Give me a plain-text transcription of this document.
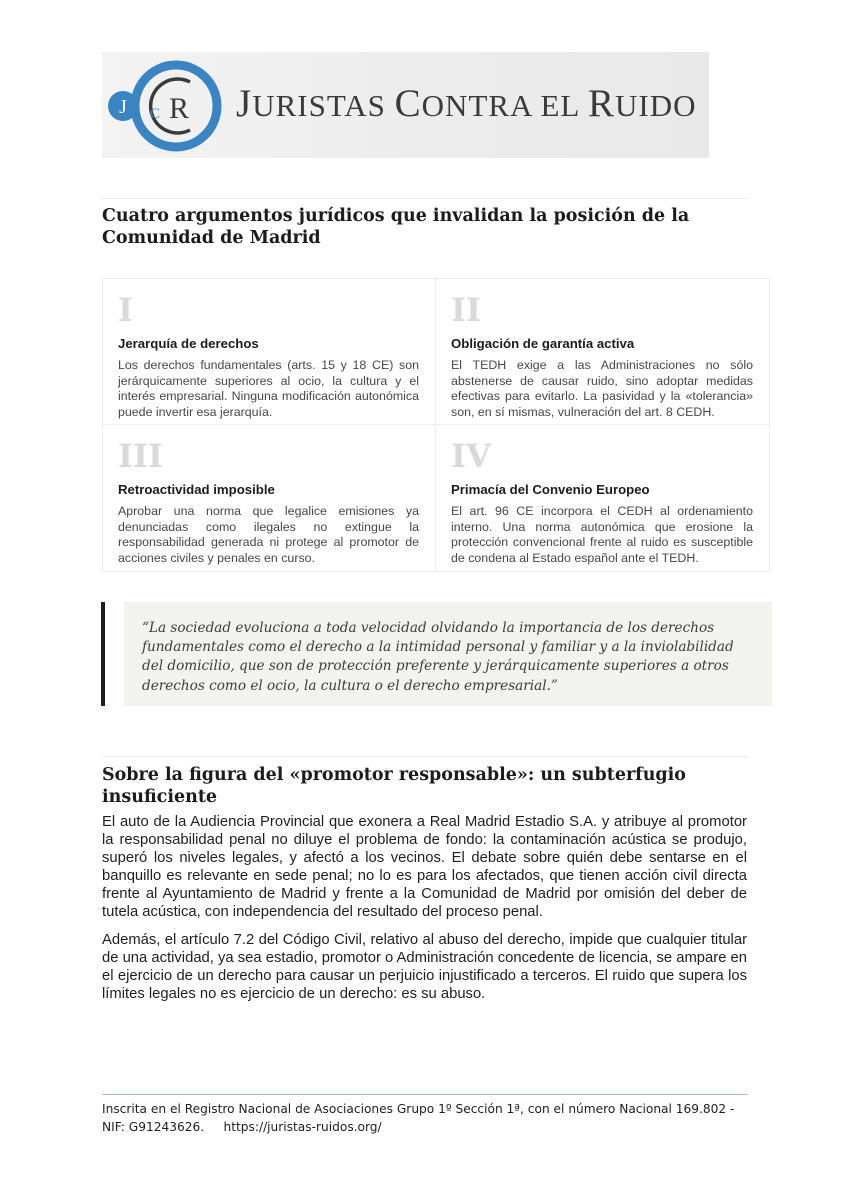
J C R JURISTAS CONTRA EL RUIDO
Cuatro argumentos jurídicos que invalidan la posición de la Comunidad de Madrid
I
Jerarquía de derechos
Los derechos fundamentales (arts. 15 y 18 CE) son jerárquicamente superiores al ocio, la cultura y el interés empresarial. Ninguna modificación autonómica puede invertir esa jerarquía.
II
Obligación de garantía activa
El TEDH exige a las Administraciones no sólo abstenerse de causar ruido, sino adoptar medidas efectivas para evitarlo. La pasividad y la «tolerancia» son, en sí mismas, vulneración del art. 8 CEDH.
III
Retroactividad imposible
Aprobar una norma que legalice emisiones ya denunciadas como ilegales no extingue la responsabilidad generada ni protege al promotor de acciones civiles y penales en curso.
IV
Primacía del Convenio Europeo
El art. 96 CE incorpora el CEDH al ordenamiento interno. Una norma autonómica que erosione la protección convencional frente al ruido es susceptible de condena al Estado español ante el TEDH.

“La sociedad evoluciona a toda velocidad olvidando la importancia de los derechos fundamentales como el derecho a la intimidad personal y familiar y a la inviolabilidad del domicilio, que son de protección preferente y jerárquicamente superiores a otros derechos como el ocio, la cultura o el derecho empresarial.”

Sobre la figura del «promotor responsable»: un subterfugio insuficiente

El auto de la Audiencia Provincial que exonera a Real Madrid Estadio S.A. y atribuye al promotor la responsabilidad penal no diluye el problema de fondo: la contaminación acústica se produjo, superó los niveles legales, y afectó a los vecinos. El debate sobre quién debe sentarse en el banquillo es relevante en sede penal; no lo es para los afectados, que tienen acción civil directa frente al Ayuntamiento de Madrid y frente a la Comunidad de Madrid por omisión del deber de tutela acústica, con independencia del resultado del proceso penal.

Además, el artículo 7.2 del Código Civil, relativo al abuso del derecho, impide que cualquier titular de una actividad, ya sea estadio, promotor o Administración concedente de licencia, se ampare en el ejercicio de un derecho para causar un perjuicio injustificado a terceros. El ruido que supera los límites legales no es ejercicio de un derecho: es su abuso.

Inscrita en el Registro Nacional de Asociaciones Grupo 1º Sección 1ª, con el número Nacional 169.802 -
NIF: G91243626. https://juristas-ruidos.org/
